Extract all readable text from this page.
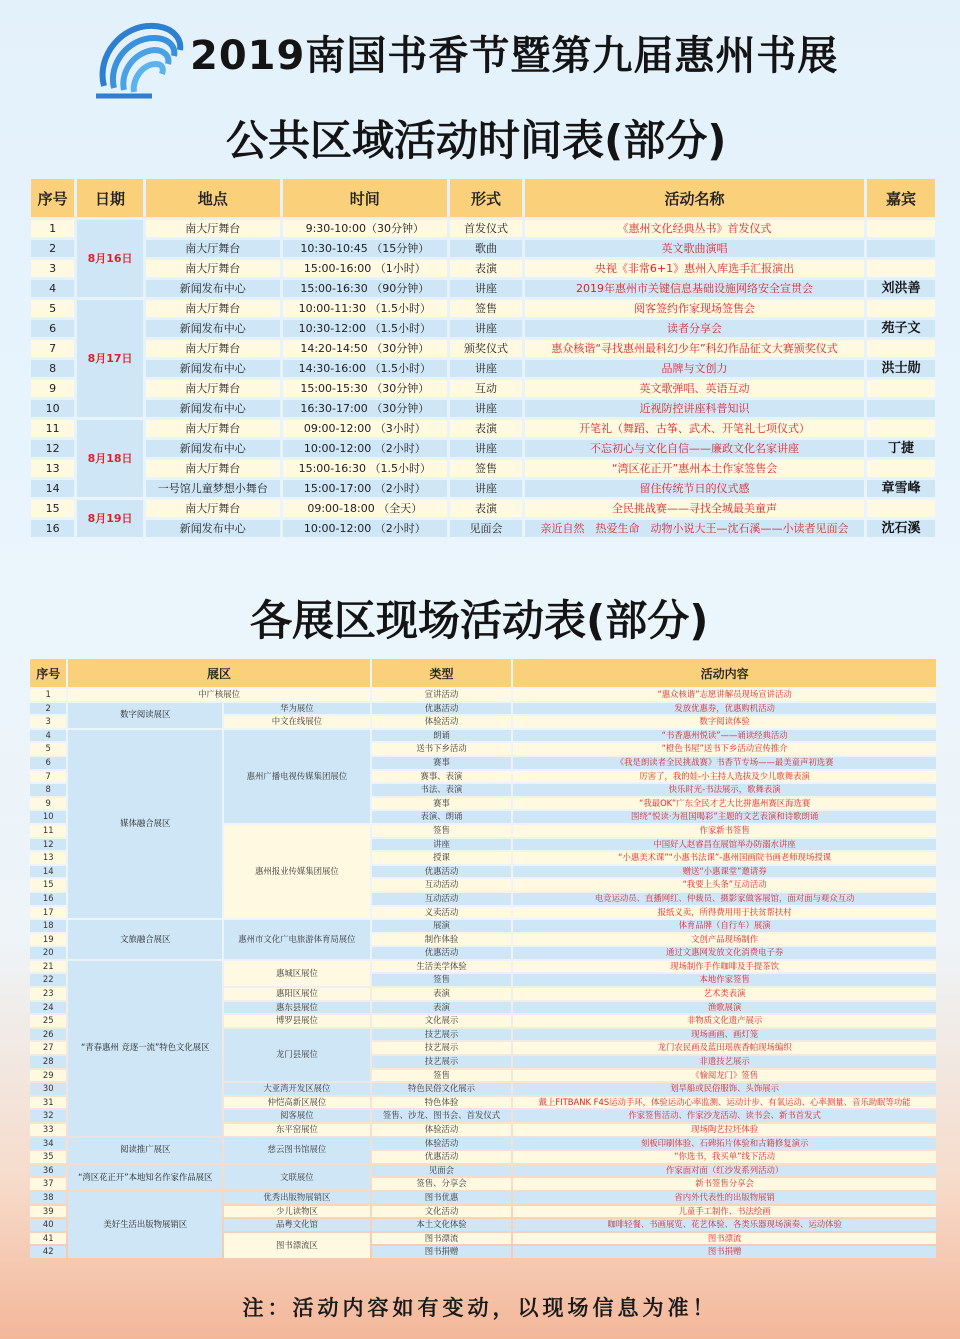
2019南国书香节暨第九届惠州书展
公共区域活动时间表(部分)
序号	日期	地点	时间	形式	活动名称	嘉宾
1	8月16日	南大厅舞台	9:30-10:00（30分钟）	首发仪式	《惠州文化经典丛书》首发仪式	
2		南大厅舞台	10:30-10:45 （15分钟）	歌曲	英文歌曲演唱	
3		南大厅舞台	15:00-16:00 （1小时）	表演	央视《非常6+1》惠州入库选手汇报演出	
4		新闻发布中心	15:00-16:30 （90分钟）	讲座	2019年惠州市关键信息基础设施网络安全宣贯会	刘洪善
5	8月17日	南大厅舞台	10:00-11:30 （1.5小时）	签售	阅客签约作家现场签售会	
6		新闻发布中心	10:30-12:00 （1.5小时）	讲座	读者分享会	苑子文
7		南大厅舞台	14:20-14:50 （30分钟）	颁奖仪式	惠众核谐“寻找惠州最科幻少年”科幻作品征文大赛颁奖仪式	
8		新闻发布中心	14:30-16:00 （1.5小时）	讲座	品牌与文创力	洪士勋
9		南大厅舞台	15:00-15:30 （30分钟）	互动	英文歌弹唱、英语互动	
10		新闻发布中心	16:30-17:00 （30分钟）	讲座	近视防控讲座科普知识	
11	8月18日	南大厅舞台	09:00-12:00 （3小时）	表演	开笔礼（舞蹈、古筝、武术、开笔礼七项仪式）	
12		新闻发布中心	10:00-12:00 （2小时）	讲座	不忘初心与文化自信——廉政文化名家讲座	丁捷
13		南大厅舞台	15:00-16:30 （1.5小时）	签售	“湾区花正开”惠州本土作家签售会	
14		一号馆儿童梦想小舞台	15:00-17:00 （2小时）	讲座	留住传统节日的仪式感	章雪峰
15	8月19日	南大厅舞台	09:00-18:00 （全天）	表演	全民挑战赛——寻找全城最美童声	
16		新闻发布中心	10:00-12:00 （2小时）	见面会	亲近自然　热爱生命　动物小说大王—沈石溪——小读者见面会	沈石溪
各展区现场活动表(部分)
序号	展区		类型	活动内容
1	中广核展位		宣讲活动	“惠众核谐”志愿讲解员现场宣讲活动
2	数字阅读展区	华为展位	优惠活动	发放优惠券，优惠购机活动
3		中文在线展位	体验活动	数字阅读体验
4	媒体融合展区	惠州广播电视传媒集团展位	朗诵	“书香惠州悦读”——诵读经典活动
5			送书下乡活动	“橙色书屋”送书下乡活动宣传推介
6			赛事	《我是朗读者全民挑战赛》书香节专场——最美童声初选赛
7			赛事、表演	厉害了，我的娃-小主持人选拔及少儿歌舞表演
8			书法、表演	快乐时光-书法展示，歌舞表演
9			赛事	“我最OK”广东全民才艺大比拼惠州赛区海选赛
10			表演、朗诵	围绕“悦读·为祖国喝彩”主题的文艺表演和诗歌朗诵
11		惠州报业传媒集团展位	签售	作家新书签售
12			讲座	中国好人赵睿昌在展馆举办防溺水讲座
13			授课	“小惠美术课”“小惠书法课”-惠州国画院书画老师现场授课
14			优惠活动	赠送“小惠课堂”邀请券
15			互动活动	“我要上头条”互动活动
16			互动活动	电竞运动员、直播网红、仲裁员、摄影家做客展馆，面对面与观众互动
17			义卖活动	报纸义卖，所得费用用于扶贫帮扶村
18	文旅融合展区	惠州市文化广电旅游体育局展位	展演	体育品牌（自行车）展演
19			制作体验	文创产品现场制作
20			优惠活动	通过文惠网发放文化消费电子券
21	“青春惠州 竞逐一流”特色文化展区	惠城区展位	生活美学体验	现场制作手作咖啡及手提茶饮
22			签售	本地作家签售
23		惠阳区展位	表演	艺术类表演
24		惠东县展位	表演	渔歌展演
25		博罗县展位	文化展示	非物质文化遗产展示
26		龙门县展位	技艺展示	现场画画、画灯笼
27			技艺展示	龙门农民画及蓝田瑶族香帕现场编织
28			技艺展示	非遗技艺展示
29			签售	《愉阅龙门》签售
30		大亚湾开发区展位	特色民俗文化展示	划旱船或民俗服饰、头饰展示
31		仲恺高新区展位	特色体验	戴上FITBANK F4S运动手环，体验运动心率监测、运动计步、有氧运动、心率测量、音乐助眠等功能
32		阅客展位	签售、沙龙、图书会、首发仪式	作家签售活动、作家沙龙活动、读书会、新书首发式
33		东平窑展位	体验活动	现场陶艺拉坯体验
34	阅读推广展区	慈云图书馆展位	体验活动	刻板印刷体验、石碑拓片体验和古籍修复演示
35			优惠活动	“你选书，我买单”线下活动
36	“湾区花正开”本地知名作家作品展区	文联展位	见面会	作家面对面（红沙发系列活动）
37			签售、分享会	新书签售分享会
38	美好生活出版物展销区	优秀出版物展销区	图书优惠	省内外代表性的出版物展销
39		少儿读物区	文化活动	儿童手工制作、书法绘画
40		品粤文化馆	本土文化体验	咖啡轻餐、书画展览、花艺体验、各类乐器现场演奏、运动体验
41		图书漂流区	图书漂流	图书漂流
42			图书捐赠	图书捐赠
注：活动内容如有变动，以现场信息为准！
